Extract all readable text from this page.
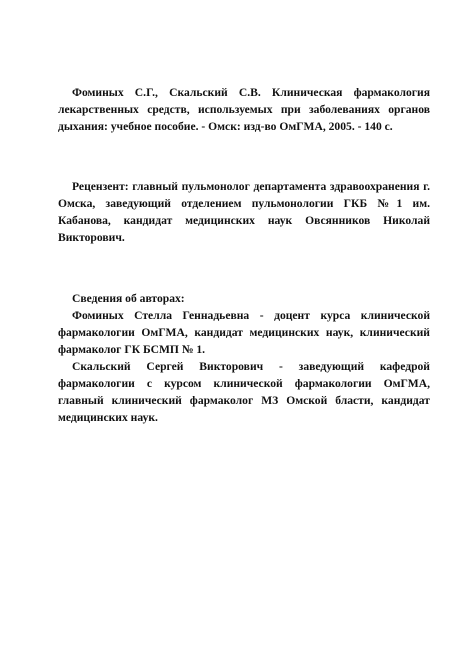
Фоминых С.Г., Скальский С.В. Клиническая фармакология лекарственных средств, используемых при заболеваниях органов дыхания: учебное пособие. - Омск: изд-во ОмГМА, 2005. - 140 с.

Рецензент: главный пульмонолог департамента здравоохранения г. Омска, заведующий отделением пульмонологии ГКБ №1 им. Кабанова, кандидат медицинских наук Овсянников Николай Викторович.

Сведения об авторах:

Фоминых Стелла Геннадьевна - доцент курса клинической фармакологии ОмГМА, кандидат медицинских наук, клинический фармаколог ГК БСМП № 1.

Скальский Сергей Викторович - заведующий кафедрой фармакологии с курсом клинической фармакологии ОмГМА, главный клинический фармаколог МЗ Омской бласти, кандидат медицинских наук.
